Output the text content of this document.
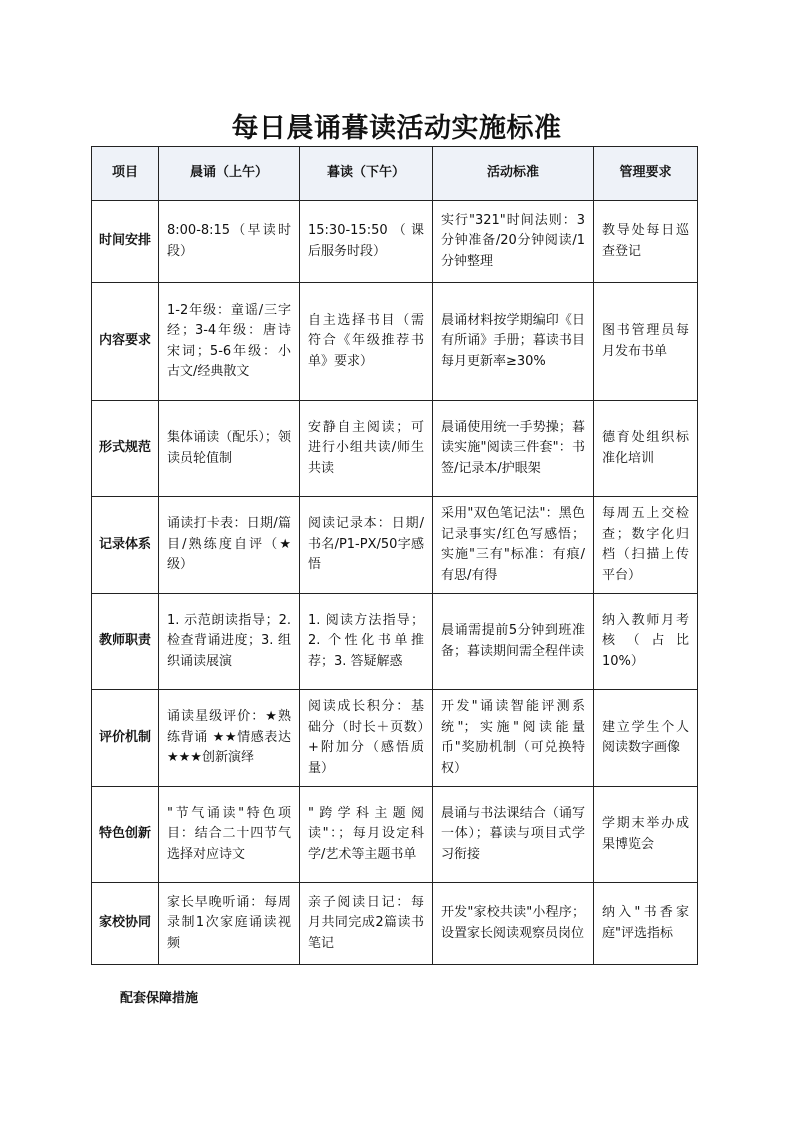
每日晨诵暮读活动实施标准
项目	晨诵（上午）	暮读（下午）	活动标准	管理要求
时间安排	8:00-8:15（早读时段）	15:30-15:50（课后服务时段）	实行"321"时间法则：3分钟准备/20分钟阅读/1分钟整理	教导处每日巡查登记
内容要求	1-2年级：童谣/三字经；3-4年级：唐诗宋词；5-6年级：小古文/经典散文	自主选择书目（需符合《年级推荐书单》要求）	晨诵材料按学期编印《日有所诵》手册；暮读书目每月更新率≥30%	图书管理员每月发布书单
形式规范	集体诵读（配乐）；领读员轮值制	安静自主阅读；可进行小组共读/师生共读	晨诵使用统一手势操；暮读实施"阅读三件套"：书签/记录本/护眼架	德育处组织标准化培训
记录体系	诵读打卡表：日期/篇目/熟练度自评（★级）	阅读记录本：日期/书名/P1-PX/50字感悟	采用"双色笔记法"：黑色记录事实/红色写感悟；实施"三有"标准：有痕/有思/有得	每周五上交检查；数字化归档（扫描上传平台）
教师职责	1. 示范朗读指导；2. 检查背诵进度；3. 组织诵读展演	1. 阅读方法指导；2. 个性化书单推荐；3. 答疑解惑	晨诵需提前5分钟到班准备；暮读期间需全程伴读	纳入教师月考核（占比10%）
评价机制	诵读星级评价：★熟练背诵 ★★情感表达 ★★★创新演绎	阅读成长积分：基础分（时长＋页数）+附加分（感悟质量）	开发"诵读智能评测系统"；实施"阅读能量币"奖励机制（可兑换特权）	建立学生个人阅读数字画像
特色创新	"节气诵读"特色项目：结合二十四节气选择对应诗文	"跨学科主题阅读"：；每月设定科学/艺术等主题书单	晨诵与书法课结合（诵写一体）；暮读与项目式学习衔接	学期末举办成果博览会
家校协同	家长早晚听诵：每周录制1次家庭诵读视频	亲子阅读日记：每月共同完成2篇读书笔记	开发"家校共读"小程序；设置家长阅读观察员岗位	纳入"书香家庭"评选指标
配套保障措施
